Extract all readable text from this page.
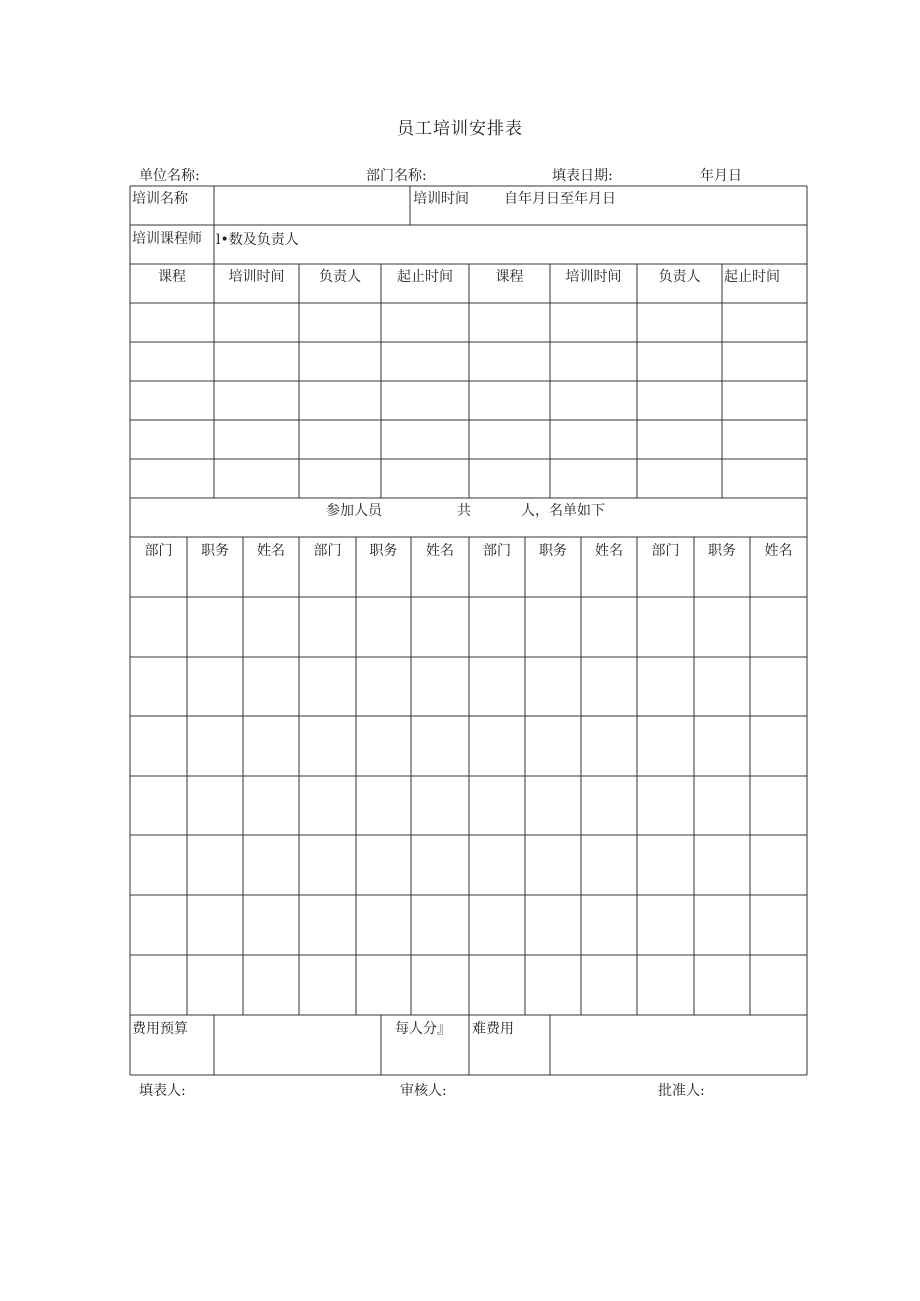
员工培训安排表
单位名称:	部门名称:	填表日期:	年月日
培训名称	培训时间	自年月日至年月日
培训课程师 l•数及负责人
课程	培训时间	负责人	起止时间	课程	培训时间	负责人	起止时间
参加人员	共	人，名单如下
部门	职务	姓名	部门	职务	姓名	部门	职务	姓名	部门	职务	姓名
费用预算	每人分』 难费用
填表人:	审核人:	批准人:
